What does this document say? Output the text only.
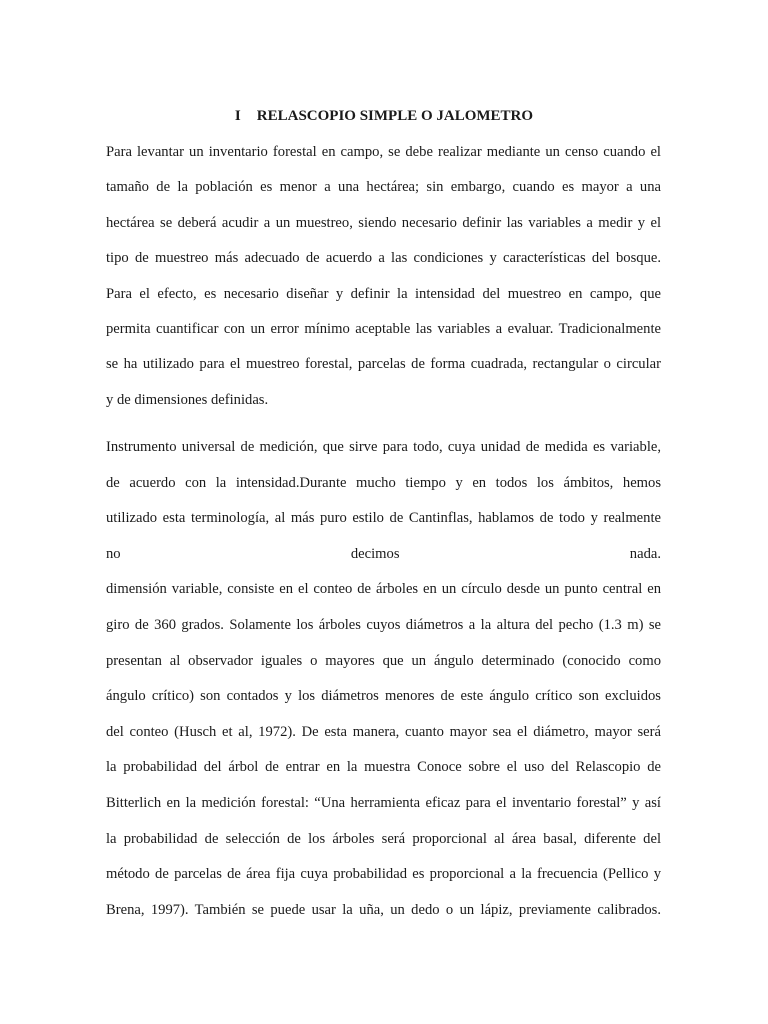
I RELASCOPIO SIMPLE O JALOMETRO
Para levantar un inventario forestal en campo, se debe realizar mediante un censo cuando el
tamaño de la población es menor a una hectárea; sin embargo, cuando es mayor a una
hectárea se deberá acudir a un muestreo, siendo necesario definir las variables a medir y el
tipo de muestreo más adecuado de acuerdo a las condiciones y características del bosque.
Para el efecto, es necesario diseñar y definir la intensidad del muestreo en campo, que
permita cuantificar con un error mínimo aceptable las variables a evaluar. Tradicionalmente
se ha utilizado para el muestreo forestal, parcelas de forma cuadrada, rectangular o circular
y de dimensiones definidas.
Instrumento universal de medición, que sirve para todo, cuya unidad de medida es variable,
de acuerdo con la intensidad.Durante mucho tiempo y en todos los ámbitos, hemos
utilizado esta terminología, al más puro estilo de Cantinflas, hablamos de todo y realmente
no decimos nada.
dimensión variable, consiste en el conteo de árboles en un círculo desde un punto central en
giro de 360 grados. Solamente los árboles cuyos diámetros a la altura del pecho (1.3 m) se
presentan al observador iguales o mayores que un ángulo determinado (conocido como
ángulo crítico) son contados y los diámetros menores de este ángulo crítico son excluidos
del conteo (Husch et al, 1972). De esta manera, cuanto mayor sea el diámetro, mayor será
la probabilidad del árbol de entrar en la muestra Conoce sobre el uso del Relascopio de
Bitterlich en la medición forestal: “Una herramienta eficaz para el inventario forestal” y así
la probabilidad de selección de los árboles será proporcional al área basal, diferente del
método de parcelas de área fija cuya probabilidad es proporcional a la frecuencia (Pellico y
Brena, 1997). También se puede usar la uña, un dedo o un lápiz, previamente calibrados.
